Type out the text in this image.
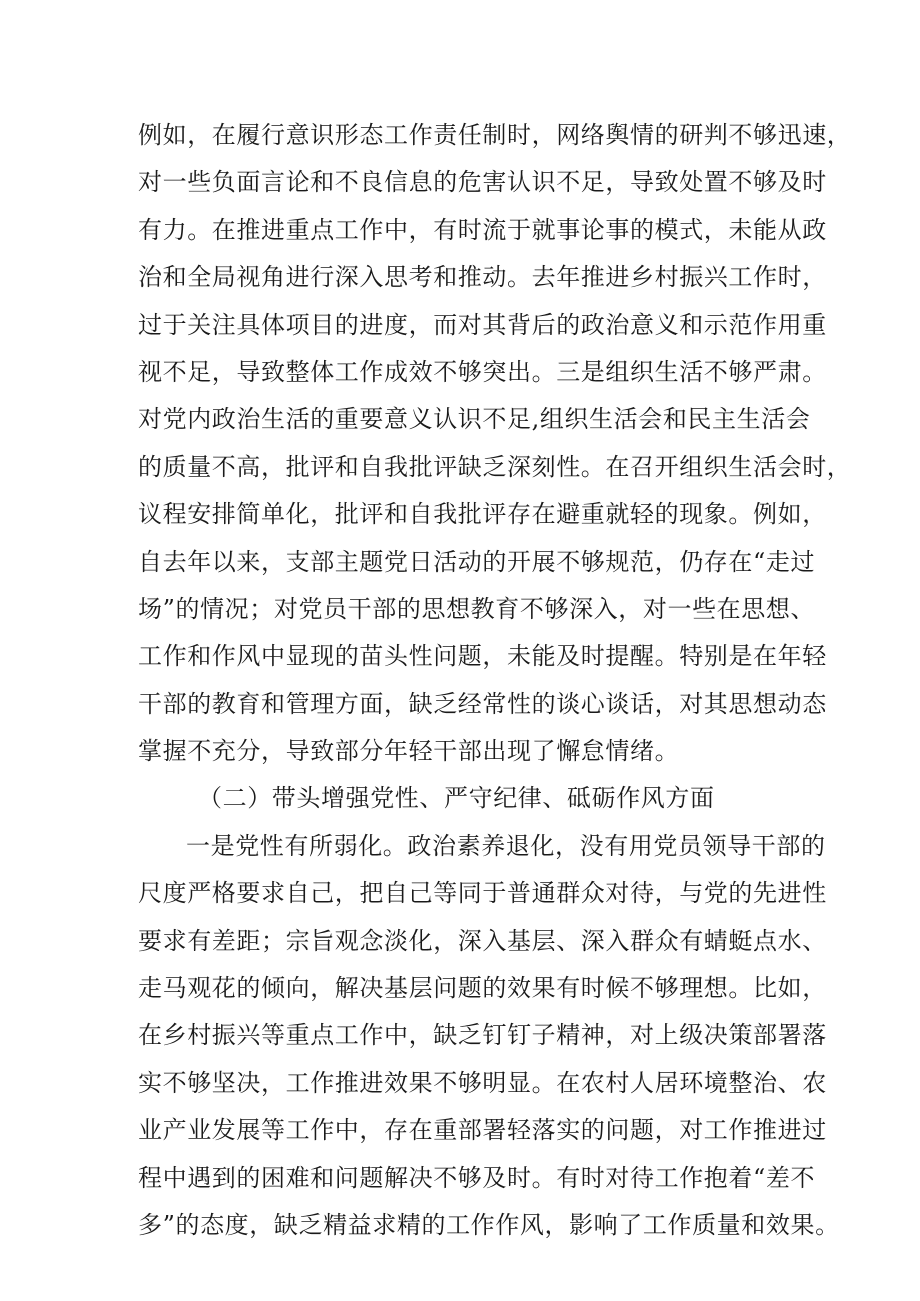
例如，在履行意识形态工作责任制时，网络舆情的研判不够迅速，
对一些负面言论和不良信息的危害认识不足，导致处置不够及时
有力。在推进重点工作中，有时流于就事论事的模式，未能从政
治和全局视角进行深入思考和推动。去年推进乡村振兴工作时，
过于关注具体项目的进度，而对其背后的政治意义和示范作用重
视不足，导致整体工作成效不够突出。三是组织生活不够严肃。
对党内政治生活的重要意义认识不足,组织生活会和民主生活会
的质量不高，批评和自我批评缺乏深刻性。在召开组织生活会时，
议程安排简单化，批评和自我批评存在避重就轻的现象。例如，
自去年以来，支部主题党日活动的开展不够规范，仍存在“走过
场”的情况；对党员干部的思想教育不够深入，对一些在思想、
工作和作风中显现的苗头性问题，未能及时提醒。特别是在年轻
干部的教育和管理方面，缺乏经常性的谈心谈话，对其思想动态
掌握不充分，导致部分年轻干部出现了懈怠情绪。
（二）带头增强党性、严守纪律、砥砺作风方面
一是党性有所弱化。政治素养退化，没有用党员领导干部的
尺度严格要求自己，把自己等同于普通群众对待，与党的先进性
要求有差距；宗旨观念淡化，深入基层、深入群众有蜻蜓点水、
走马观花的倾向，解决基层问题的效果有时候不够理想。比如，
在乡村振兴等重点工作中，缺乏钉钉子精神，对上级决策部署落
实不够坚决，工作推进效果不够明显。在农村人居环境整治、农
业产业发展等工作中，存在重部署轻落实的问题，对工作推进过
程中遇到的困难和问题解决不够及时。有时对待工作抱着“差不
多”的态度，缺乏精益求精的工作作风，影响了工作质量和效果。
